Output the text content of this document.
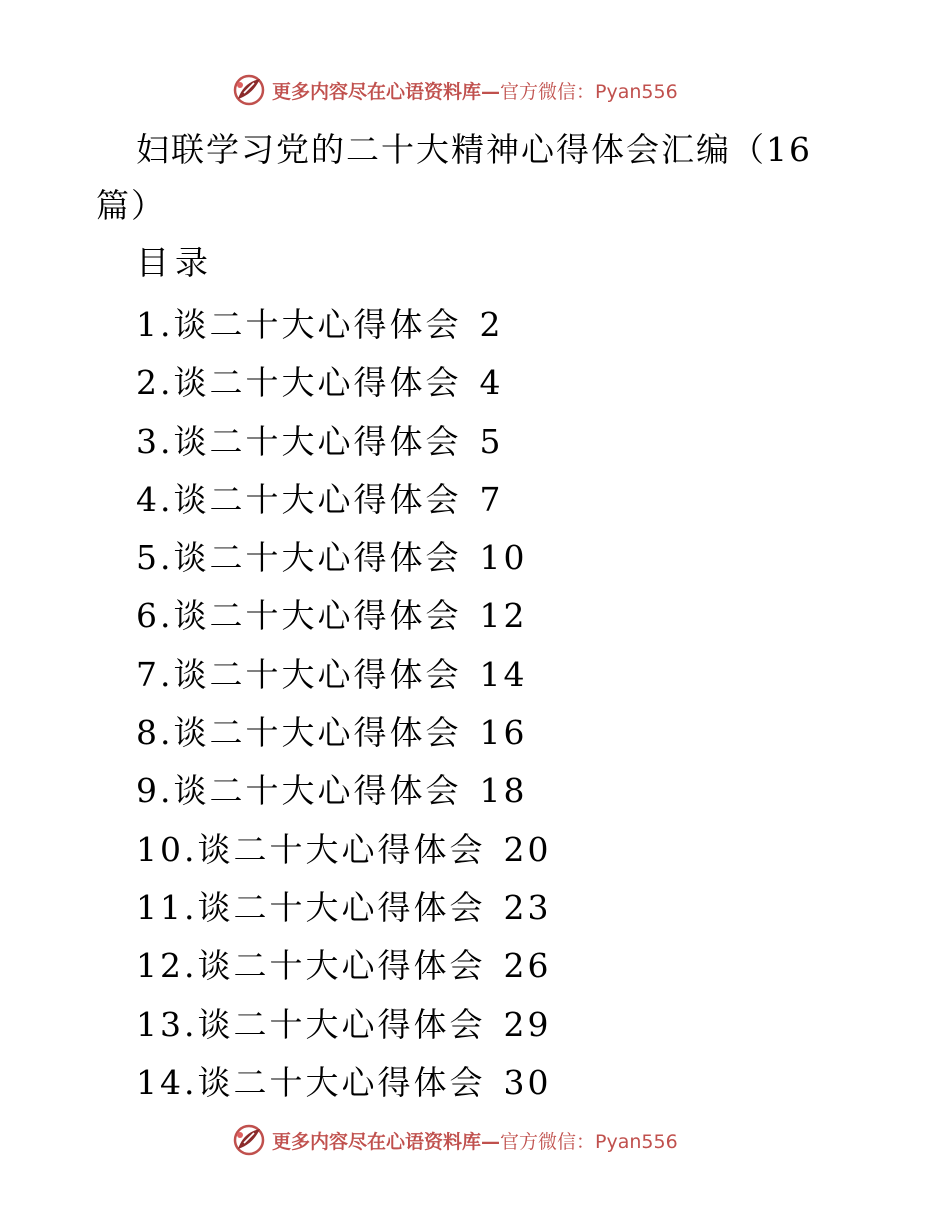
更多内容尽在心语资料库— 官方微信：Pyan556
妇联学习党的二十大精神心得体会汇编（16篇）
目录
1.谈二十大心得体会 2
2.谈二十大心得体会 4
3.谈二十大心得体会 5
4.谈二十大心得体会 7
5.谈二十大心得体会 10
6.谈二十大心得体会 12
7.谈二十大心得体会 14
8.谈二十大心得体会 16
9.谈二十大心得体会 18
10.谈二十大心得体会 20
11.谈二十大心得体会 23
12.谈二十大心得体会 26
13.谈二十大心得体会 29
14.谈二十大心得体会 30
更多内容尽在心语资料库— 官方微信：Pyan556
